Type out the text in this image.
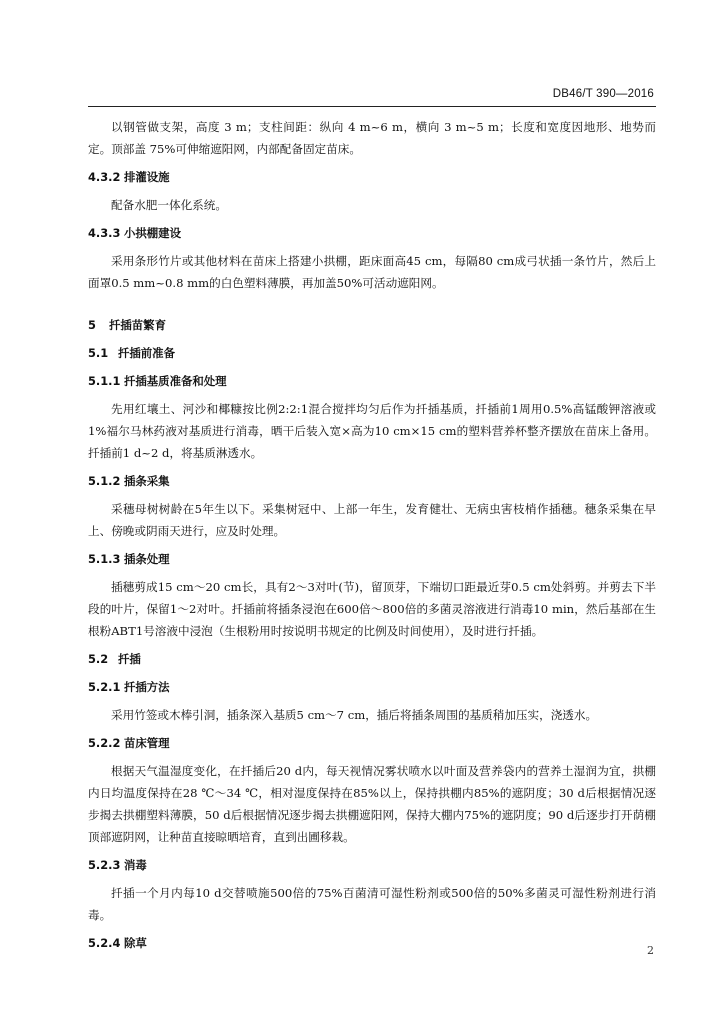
DB46/T 390—2016

以钢管做支架，高度 3 m；支柱间距：纵向 4 m~6 m，横向 3 m~5 m；长度和宽度因地形、地势而定。顶部盖 75%可伸缩遮阳网，内部配备固定苗床。

4.3.2 排灌设施

配备水肥一体化系统。

4.3.3 小拱棚建设

采用条形竹片或其他材料在苗床上搭建小拱棚，距床面高45 cm，每隔80 cm成弓状插一条竹片，然后上面罩0.5 mm~0.8 mm的白色塑料薄膜，再加盖50%可活动遮阳网。

5 扦插苗繁育
5.1 扦插前准备
5.1.1 扦插基质准备和处理

先用红壤土、河沙和椰糠按比例2:2:1混合搅拌均匀后作为扦插基质，扦插前1周用0.5%高锰酸钾溶液或1%福尔马林药液对基质进行消毒，晒干后装入宽×高为10 cm×15 cm的塑料营养杯整齐摆放在苗床上备用。扦插前1 d~2 d，将基质淋透水。

5.1.2 插条采集

采穗母树树龄在5年生以下。采集树冠中、上部一年生，发育健壮、无病虫害枝梢作插穗。穗条采集在早上、傍晚或阴雨天进行，应及时处理。

5.1.3 插条处理

插穗剪成15 cm～20 cm长，具有2～3对叶(节)，留顶芽，下端切口距最近芽0.5 cm处斜剪。并剪去下半段的叶片，保留1～2对叶。扦插前将插条浸泡在600倍～800倍的多菌灵溶液进行消毒10 min，然后基部在生根粉ABT1号溶液中浸泡（生根粉用时按说明书规定的比例及时间使用），及时进行扦插。

5.2 扦插
5.2.1 扦插方法

采用竹签或木棒引洞，插条深入基质5 cm～7 cm，插后将插条周围的基质稍加压实，浇透水。

5.2.2 苗床管理

根据天气温湿度变化，在扦插后20 d内，每天视情况雾状喷水以叶面及营养袋内的营养土湿润为宜，拱棚内日均温度保持在28 ℃～34 ℃，相对湿度保持在85%以上，保持拱棚内85%的遮阴度；30 d后根据情况逐步揭去拱棚塑料薄膜，50 d后根据情况逐步揭去拱棚遮阳网，保持大棚内75%的遮阴度；90 d后逐步打开荫棚顶部遮阴网，让种苗直接晾晒培育，直到出圃移栽。

5.2.3 消毒

扦插一个月内每10 d交替喷施500倍的75%百菌清可湿性粉剂或500倍的50%多菌灵可湿性粉剂进行消毒。

5.2.4 除草
2
